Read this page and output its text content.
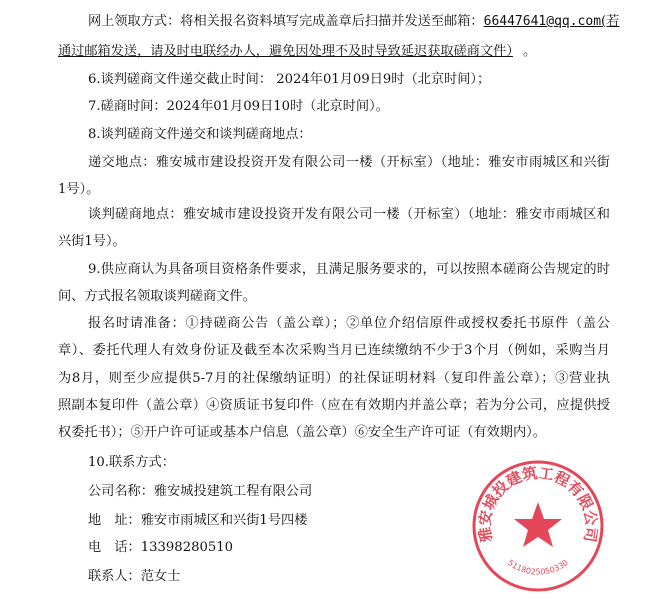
网上领取方式：将相关报名资料填写完成盖章后扫描并发送至邮箱：66447641@qq.com(若
通过邮箱发送，请及时电联经办人，避免因处理不及时导致延迟获取磋商文件） 。
6.谈判磋商文件递交截止时间： 2024年01月09日9时（北京时间）；
7.磋商时间：2024年01月09日10时（北京时间）。
8.谈判磋商文件递交和谈判磋商地点：
递交地点：雅安城市建设投资开发有限公司一楼（开标室）（地址：雅安市雨城区和兴街
1号）。
谈判磋商地点：雅安城市建设投资开发有限公司一楼（开标室）（地址：雅安市雨城区和
兴街1号）。
9.供应商认为具备项目资格条件要求，且满足服务要求的，可以按照本磋商公告规定的时
间、方式报名领取谈判磋商文件。
报名时请准备：①持磋商公告（盖公章）；②单位介绍信原件或授权委托书原件（盖公
章）、委托代理人有效身份证及截至本次采购当月已连续缴纳不少于3个月（例如，采购当月
为8月，则至少应提供5-7月的社保缴纳证明）的社保证明材料（复印件盖公章）；③营业执
照副本复印件（盖公章）④资质证书复印件（应在有效期内并盖公章；若为分公司，应提供授
权委托书）；⑤开户许可证或基本户信息（盖公章）⑥安全生产许可证（有效期内）。
10.联系方式：
公司名称：雅安城投建筑工程有限公司
地　址：雅安市雨城区和兴街1号四楼
电　话：13398280510
联系人：范女士
雅安城投建筑工程有限公司
5118025050330
